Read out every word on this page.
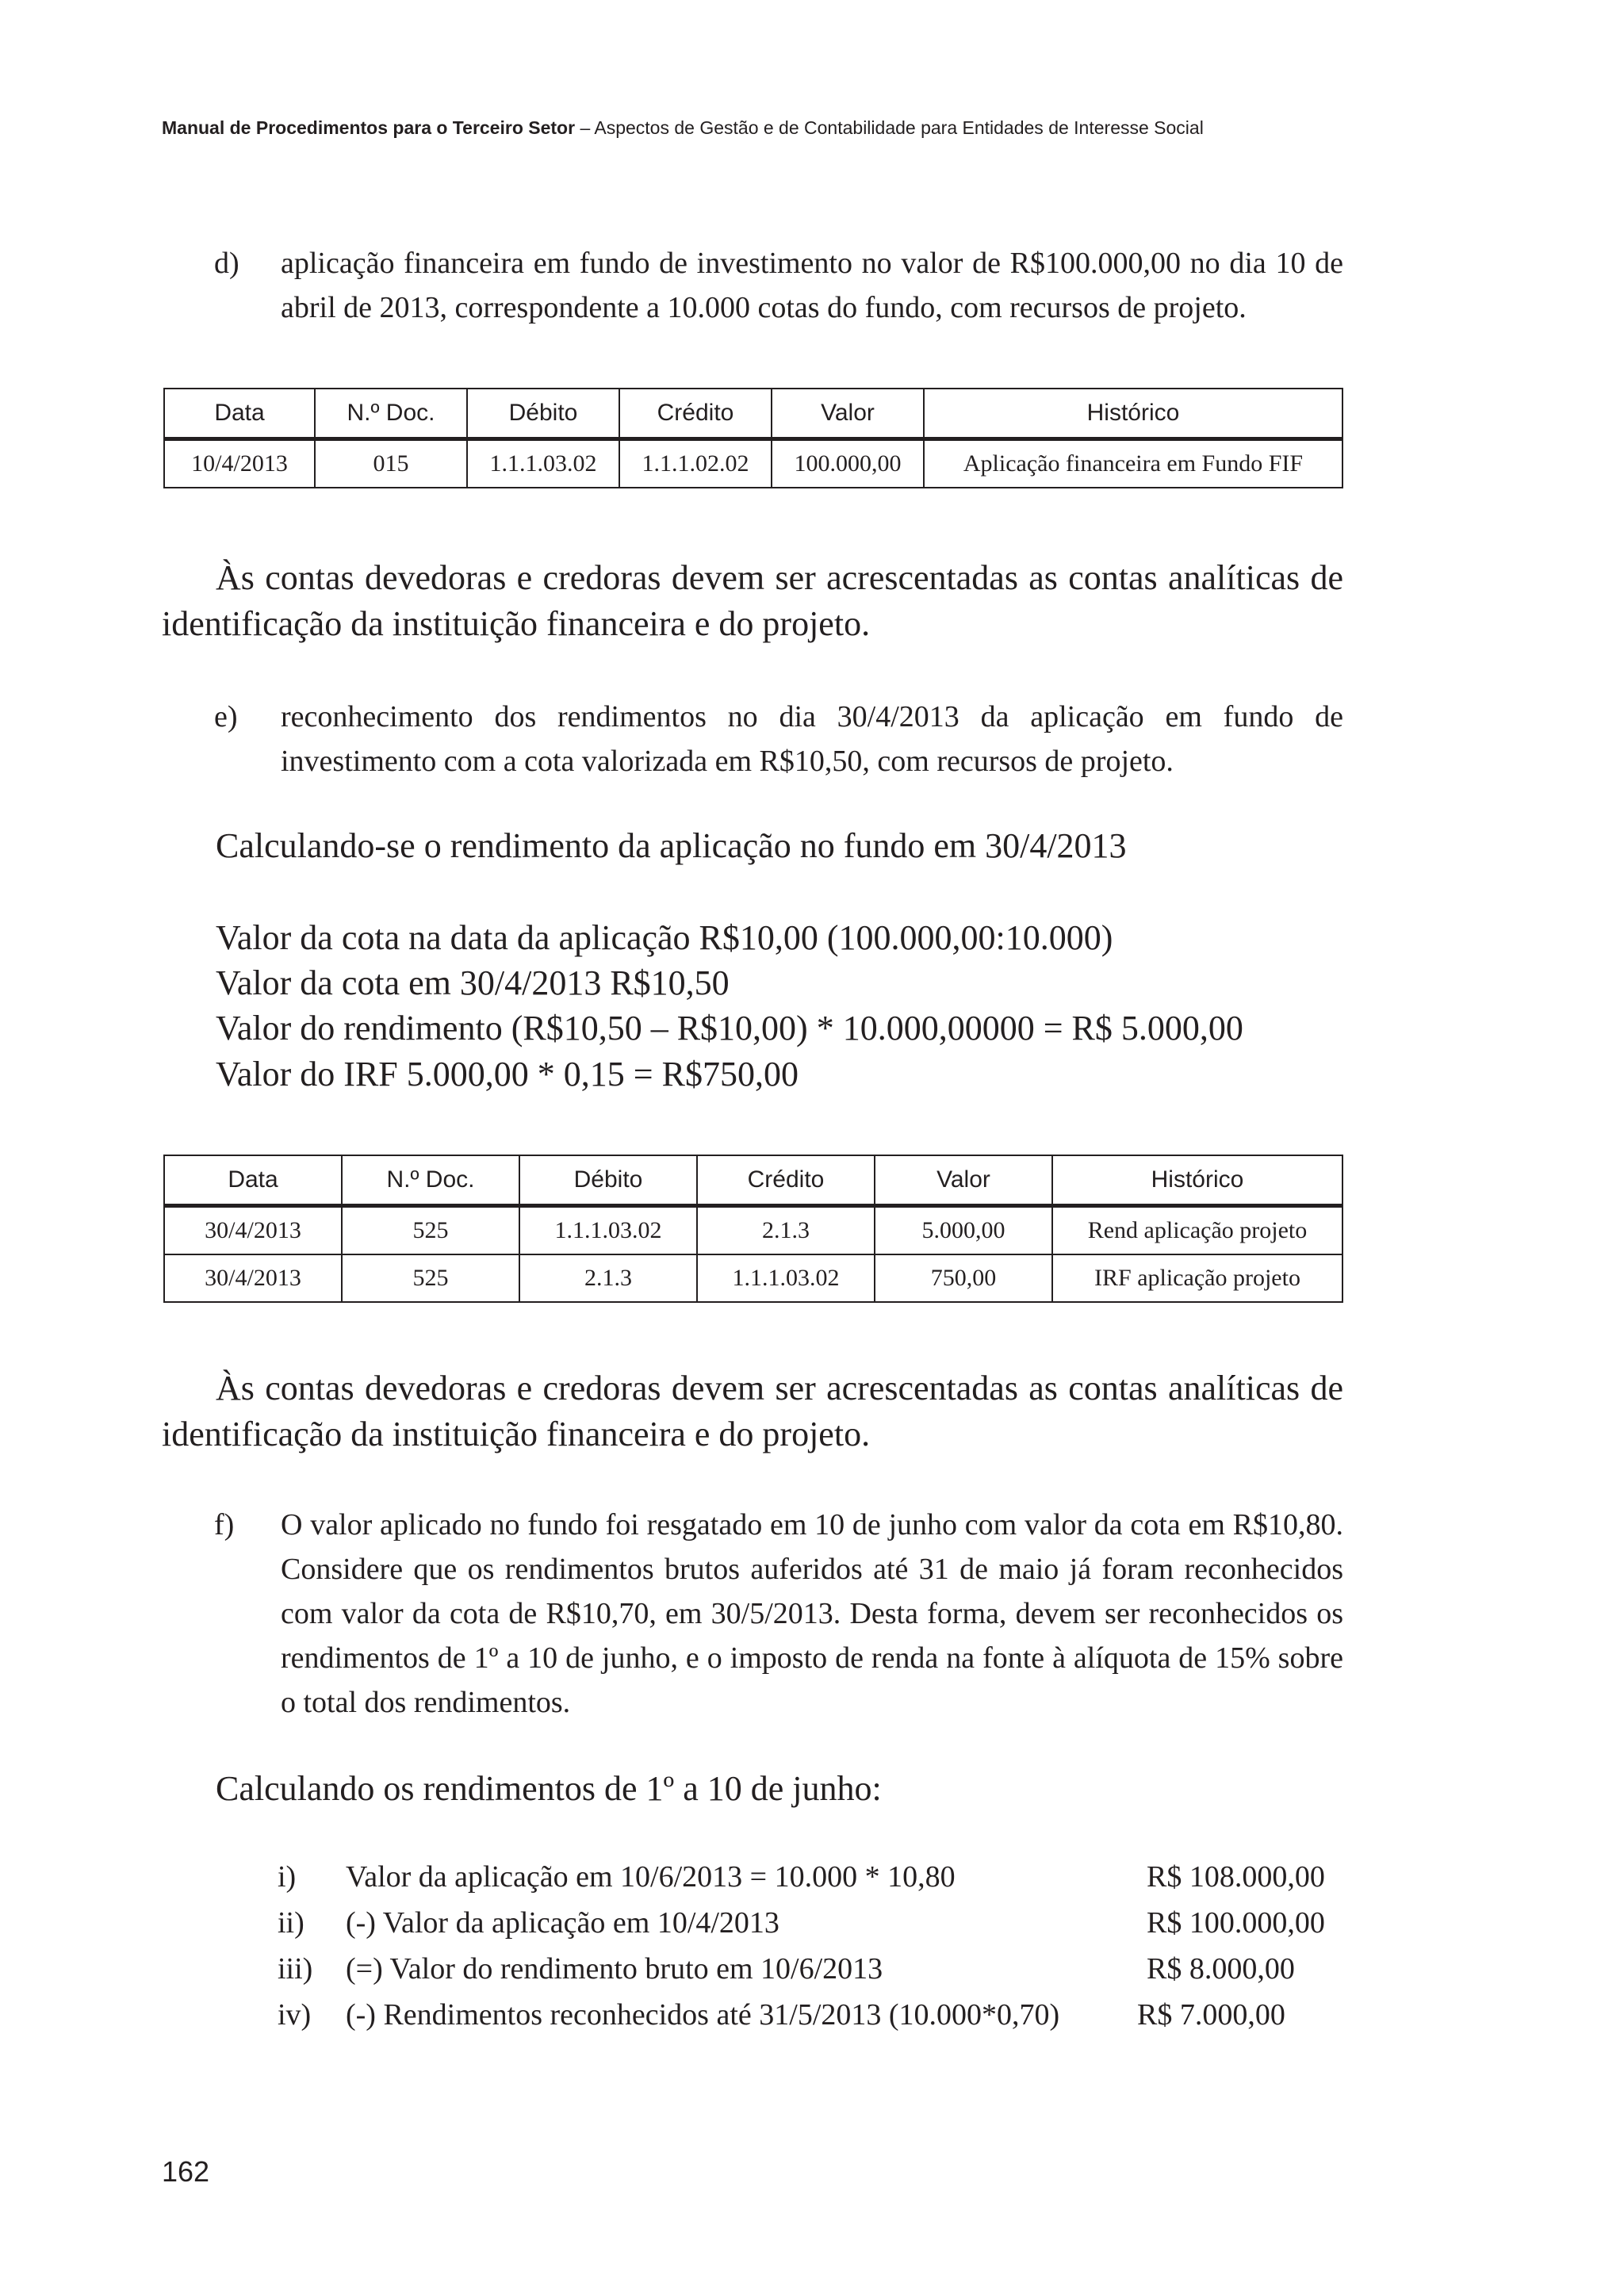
Manual de Procedimentos para o Terceiro Setor – Aspectos de Gestão e de Contabilidade para Entidades de Interesse Social
d) aplicação financeira em fundo de investimento no valor de R$100.000,00 no dia 10 de abril de 2013, correspondente a 10.000 cotas do fundo, com recursos de projeto.
Data	N.º Doc.	Débito	Crédito	Valor	Histórico
10/4/2013	015	1.1.1.03.02	1.1.1.02.02	100.000,00	Aplicação financeira em Fundo FIF

Às contas devedoras e credoras devem ser acrescentadas as contas analíticas de identificação da instituição financeira e do projeto.

e) reconhecimento dos rendimentos no dia 30/4/2013 da aplicação em fundo de investimento com a cota valorizada em R$10,50, com recursos de projeto.
Calculando-se o rendimento da aplicação no fundo em 30/4/2013
Valor da cota na data da aplicação R$10,00 (100.000,00:10.000)
Valor da cota em 30/4/2013 R$10,50
Valor do rendimento (R$10,50 – R$10,00) * 10.000,00000 = R$ 5.000,00
Valor do IRF 5.000,00 * 0,15 = R$750,00
Data	N.º Doc.	Débito	Crédito	Valor	Histórico
30/4/2013	525	1.1.1.03.02	2.1.3	5.000,00	Rend aplicação projeto
30/4/2013	525	2.1.3	1.1.1.03.02	750,00	IRF aplicação projeto

Às contas devedoras e credoras devem ser acrescentadas as contas analíticas de identificação da instituição financeira e do projeto.

f) O valor aplicado no fundo foi resgatado em 10 de junho com valor da cota em R$10,80. Considere que os rendimentos brutos auferidos até 31 de maio já foram reconhecidos com valor da cota de R$10,70, em 30/5/2013. Desta forma, devem ser reconhecidos os rendimentos de 1º a 10 de junho, e o imposto de renda na fonte à alíquota de 15% sobre o total dos rendimentos.
Calculando os rendimentos de 1º a 10 de junho:
i) Valor da aplicação em 10/6/2013 = 10.000 * 10,80	R$ 108.000,00
ii) (-) Valor da aplicação em 10/4/2013	R$ 100.000,00
iii) (=) Valor do rendimento bruto em 10/6/2013	R$ 8.000,00
iv) (-) Rendimentos reconhecidos até 31/5/2013 (10.000*0,70)	R$ 7.000,00
162
